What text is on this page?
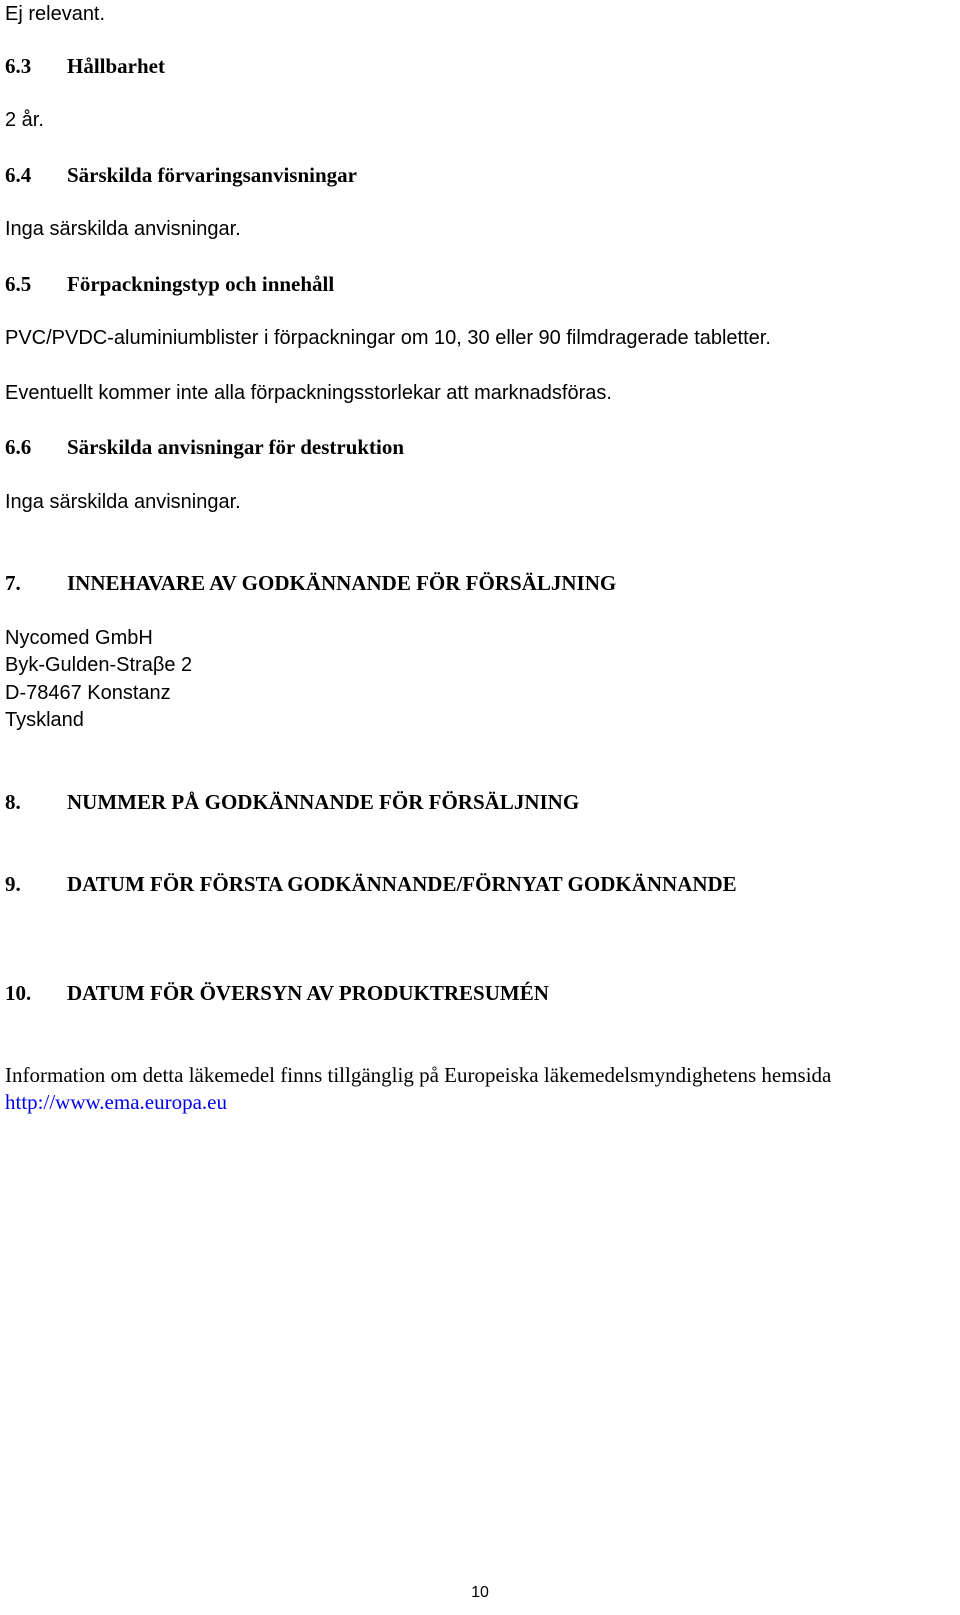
Ej relevant.
6.3 Hållbarhet
2 år.
6.4 Särskilda förvaringsanvisningar
Inga särskilda anvisningar.
6.5 Förpackningstyp och innehåll
PVC/PVDC-aluminiumblister i förpackningar om 10, 30 eller 90 filmdragerade tabletter.
Eventuellt kommer inte alla förpackningsstorlekar att marknadsföras.
6.6 Särskilda anvisningar för destruktion
Inga särskilda anvisningar.
7. INNEHAVARE AV GODKÄNNANDE FÖR FÖRSÄLJNING
Nycomed GmbH
Byk-Gulden-Straβe 2
D-78467 Konstanz
Tyskland
8. NUMMER PÅ GODKÄNNANDE FÖR FÖRSÄLJNING
9. DATUM FÖR FÖRSTA GODKÄNNANDE/FÖRNYAT GODKÄNNANDE
10. DATUM FÖR ÖVERSYN AV PRODUKTRESUMÉN
Information om detta läkemedel finns tillgänglig på Europeiska läkemedelsmyndighetens hemsida
http://www.ema.europa.eu
10
